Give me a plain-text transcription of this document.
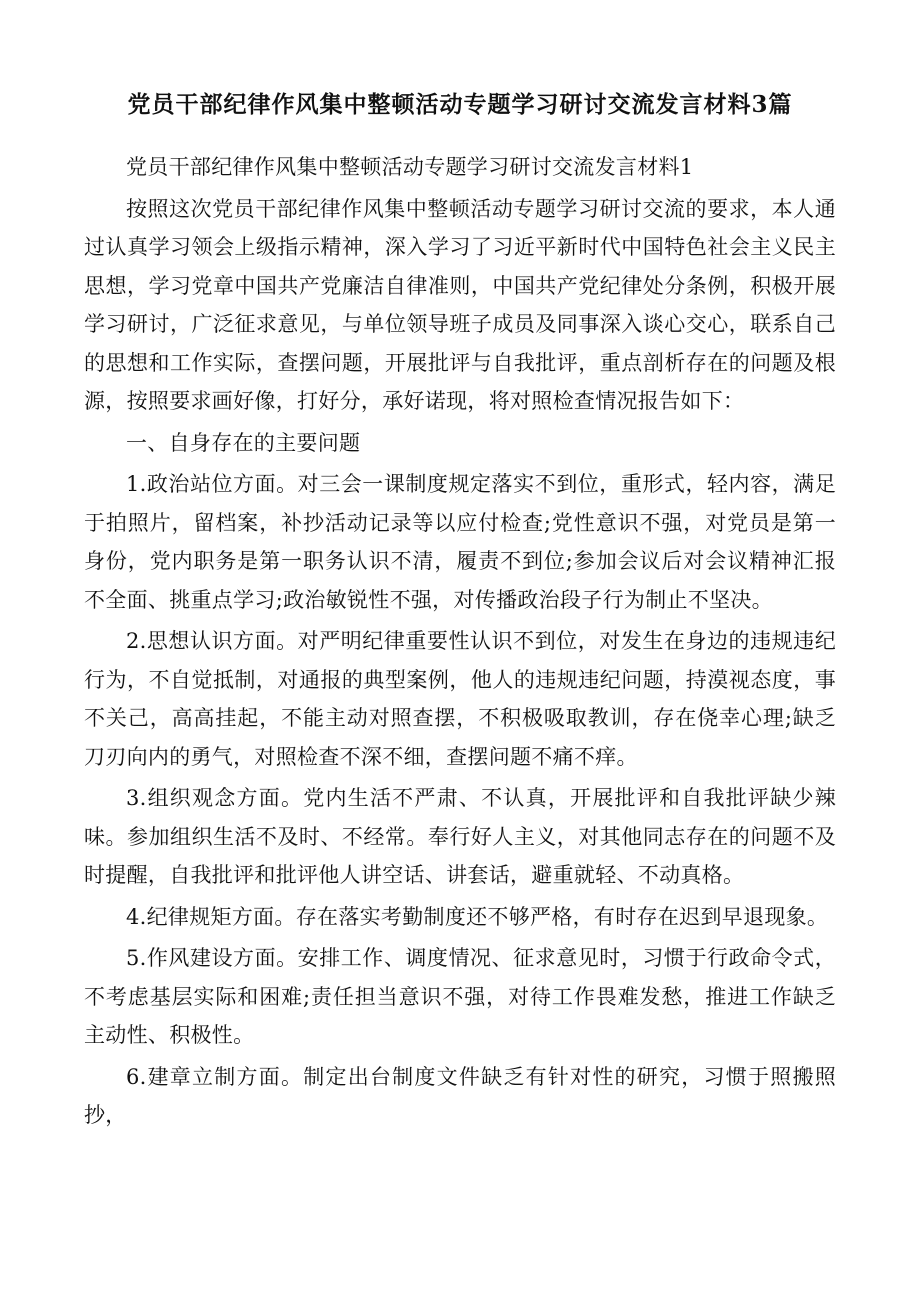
党员干部纪律作风集中整顿活动专题学习研讨交流发言材料3篇

党员干部纪律作风集中整顿活动专题学习研讨交流发言材料1

按照这次党员干部纪律作风集中整顿活动专题学习研讨交流的要求，本人通过认真学习领会上级指示精神，深入学习了习近平新时代中国特色社会主义民主思想，学习党章中国共产党廉洁自律准则，中国共产党纪律处分条例，积极开展学习研讨，广泛征求意见，与单位领导班子成员及同事深入谈心交心，联系自己的思想和工作实际，查摆问题，开展批评与自我批评，重点剖析存在的问题及根源，按照要求画好像，打好分，承好诺现，将对照检查情况报告如下：

一、自身存在的主要问题

1.政治站位方面。对三会一课制度规定落实不到位，重形式，轻内容，满足于拍照片，留档案，补抄活动记录等以应付检查;党性意识不强，对党员是第一身份，党内职务是第一职务认识不清，履责不到位;参加会议后对会议精神汇报不全面、挑重点学习;政治敏锐性不强，对传播政治段子行为制止不坚决。

2.思想认识方面。对严明纪律重要性认识不到位，对发生在身边的违规违纪行为，不自觉抵制，对通报的典型案例，他人的违规违纪问题，持漠视态度，事不关己，高高挂起，不能主动对照查摆，不积极吸取教训，存在侥幸心理;缺乏刀刃向内的勇气，对照检查不深不细，查摆问题不痛不痒。

3.组织观念方面。党内生活不严肃、不认真，开展批评和自我批评缺少辣味。参加组织生活不及时、不经常。奉行好人主义，对其他同志存在的问题不及时提醒，自我批评和批评他人讲空话、讲套话，避重就轻、不动真格。

4.纪律规矩方面。存在落实考勤制度还不够严格，有时存在迟到早退现象。

5.作风建设方面。安排工作、调度情况、征求意见时，习惯于行政命令式，不考虑基层实际和困难;责任担当意识不强，对待工作畏难发愁，推进工作缺乏主动性、积极性。

6.建章立制方面。制定出台制度文件缺乏有针对性的研究，习惯于照搬照抄，
